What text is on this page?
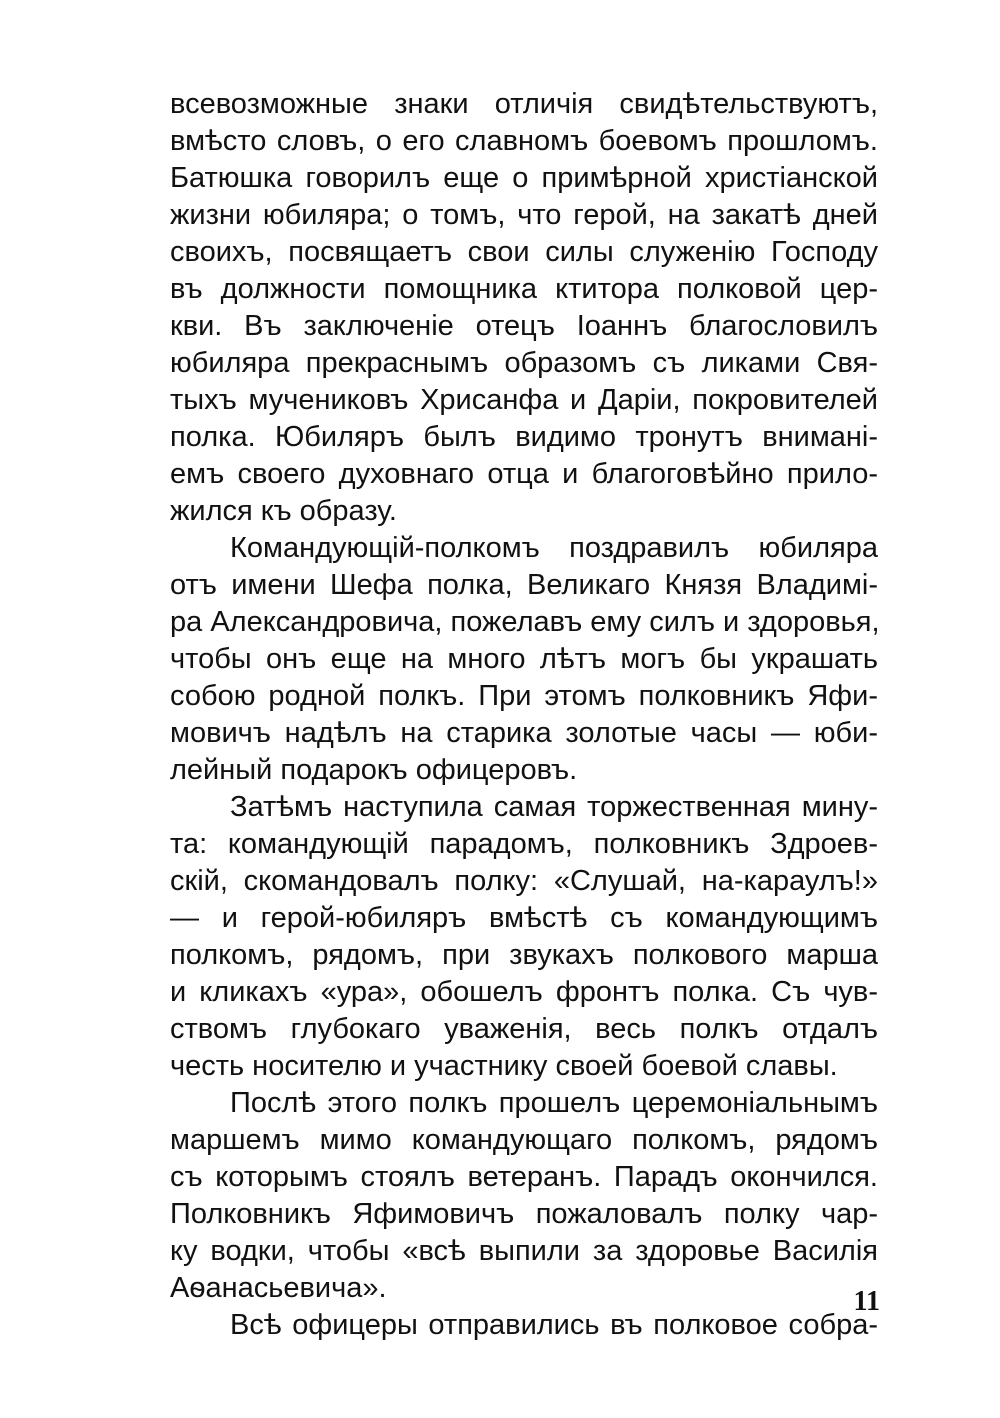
всевозможные знаки отличія свидѣтельствуютъ,
вмѣсто словъ, о его славномъ боевомъ прошломъ.
Батюшка говорилъ еще о примѣрной христіанской
жизни юбиляра; о томъ, что герой, на закатѣ дней
своихъ, посвящаетъ свои силы служенію Господу
въ должности помощника ктитора полковой цер-
кви. Въ заключеніе отецъ Іоаннъ благословилъ
юбиляра прекраснымъ образомъ съ ликами Свя-
тыхъ мучениковъ Хрисанфа и Даріи, покровителей
полка. Юбиляръ былъ видимо тронутъ внимані-
емъ своего духовнаго отца и благоговѣйно прило-
жился къ образу.
Командующій-полкомъ поздравилъ юбиляра
отъ имени Шефа полка, Великаго Князя Владимі-
ра Александровича, пожелавъ ему силъ и здоровья,
чтобы онъ еще на много лѣтъ могъ бы украшать
собою родной полкъ. При этомъ полковникъ Яфи-
мовичъ надѣлъ на старика золотые часы — юби-
лейный подарокъ офицеровъ.
Затѣмъ наступила самая торжественная мину-
та: командующій парадомъ, полковникъ Здроев-
скій, скомандовалъ полку: «Слушай, на-караулъ!»
— и герой-юбиляръ вмѣстѣ съ командующимъ
полкомъ, рядомъ, при звукахъ полкового марша
и кликахъ «ура», обошелъ фронтъ полка. Съ чув-
ствомъ глубокаго уваженія, весь полкъ отдалъ
честь носителю и участнику своей боевой славы.
Послѣ этого полкъ прошелъ церемоніальнымъ
маршемъ мимо командующаго полкомъ, рядомъ
съ которымъ стоялъ ветеранъ. Парадъ окончился.
Полковникъ Яфимовичъ пожаловалъ полку чар-
ку водки, чтобы «всѣ выпили за здоровье Василія
Аѳанасьевича».
Всѣ офицеры отправились въ полковое собра-
11
